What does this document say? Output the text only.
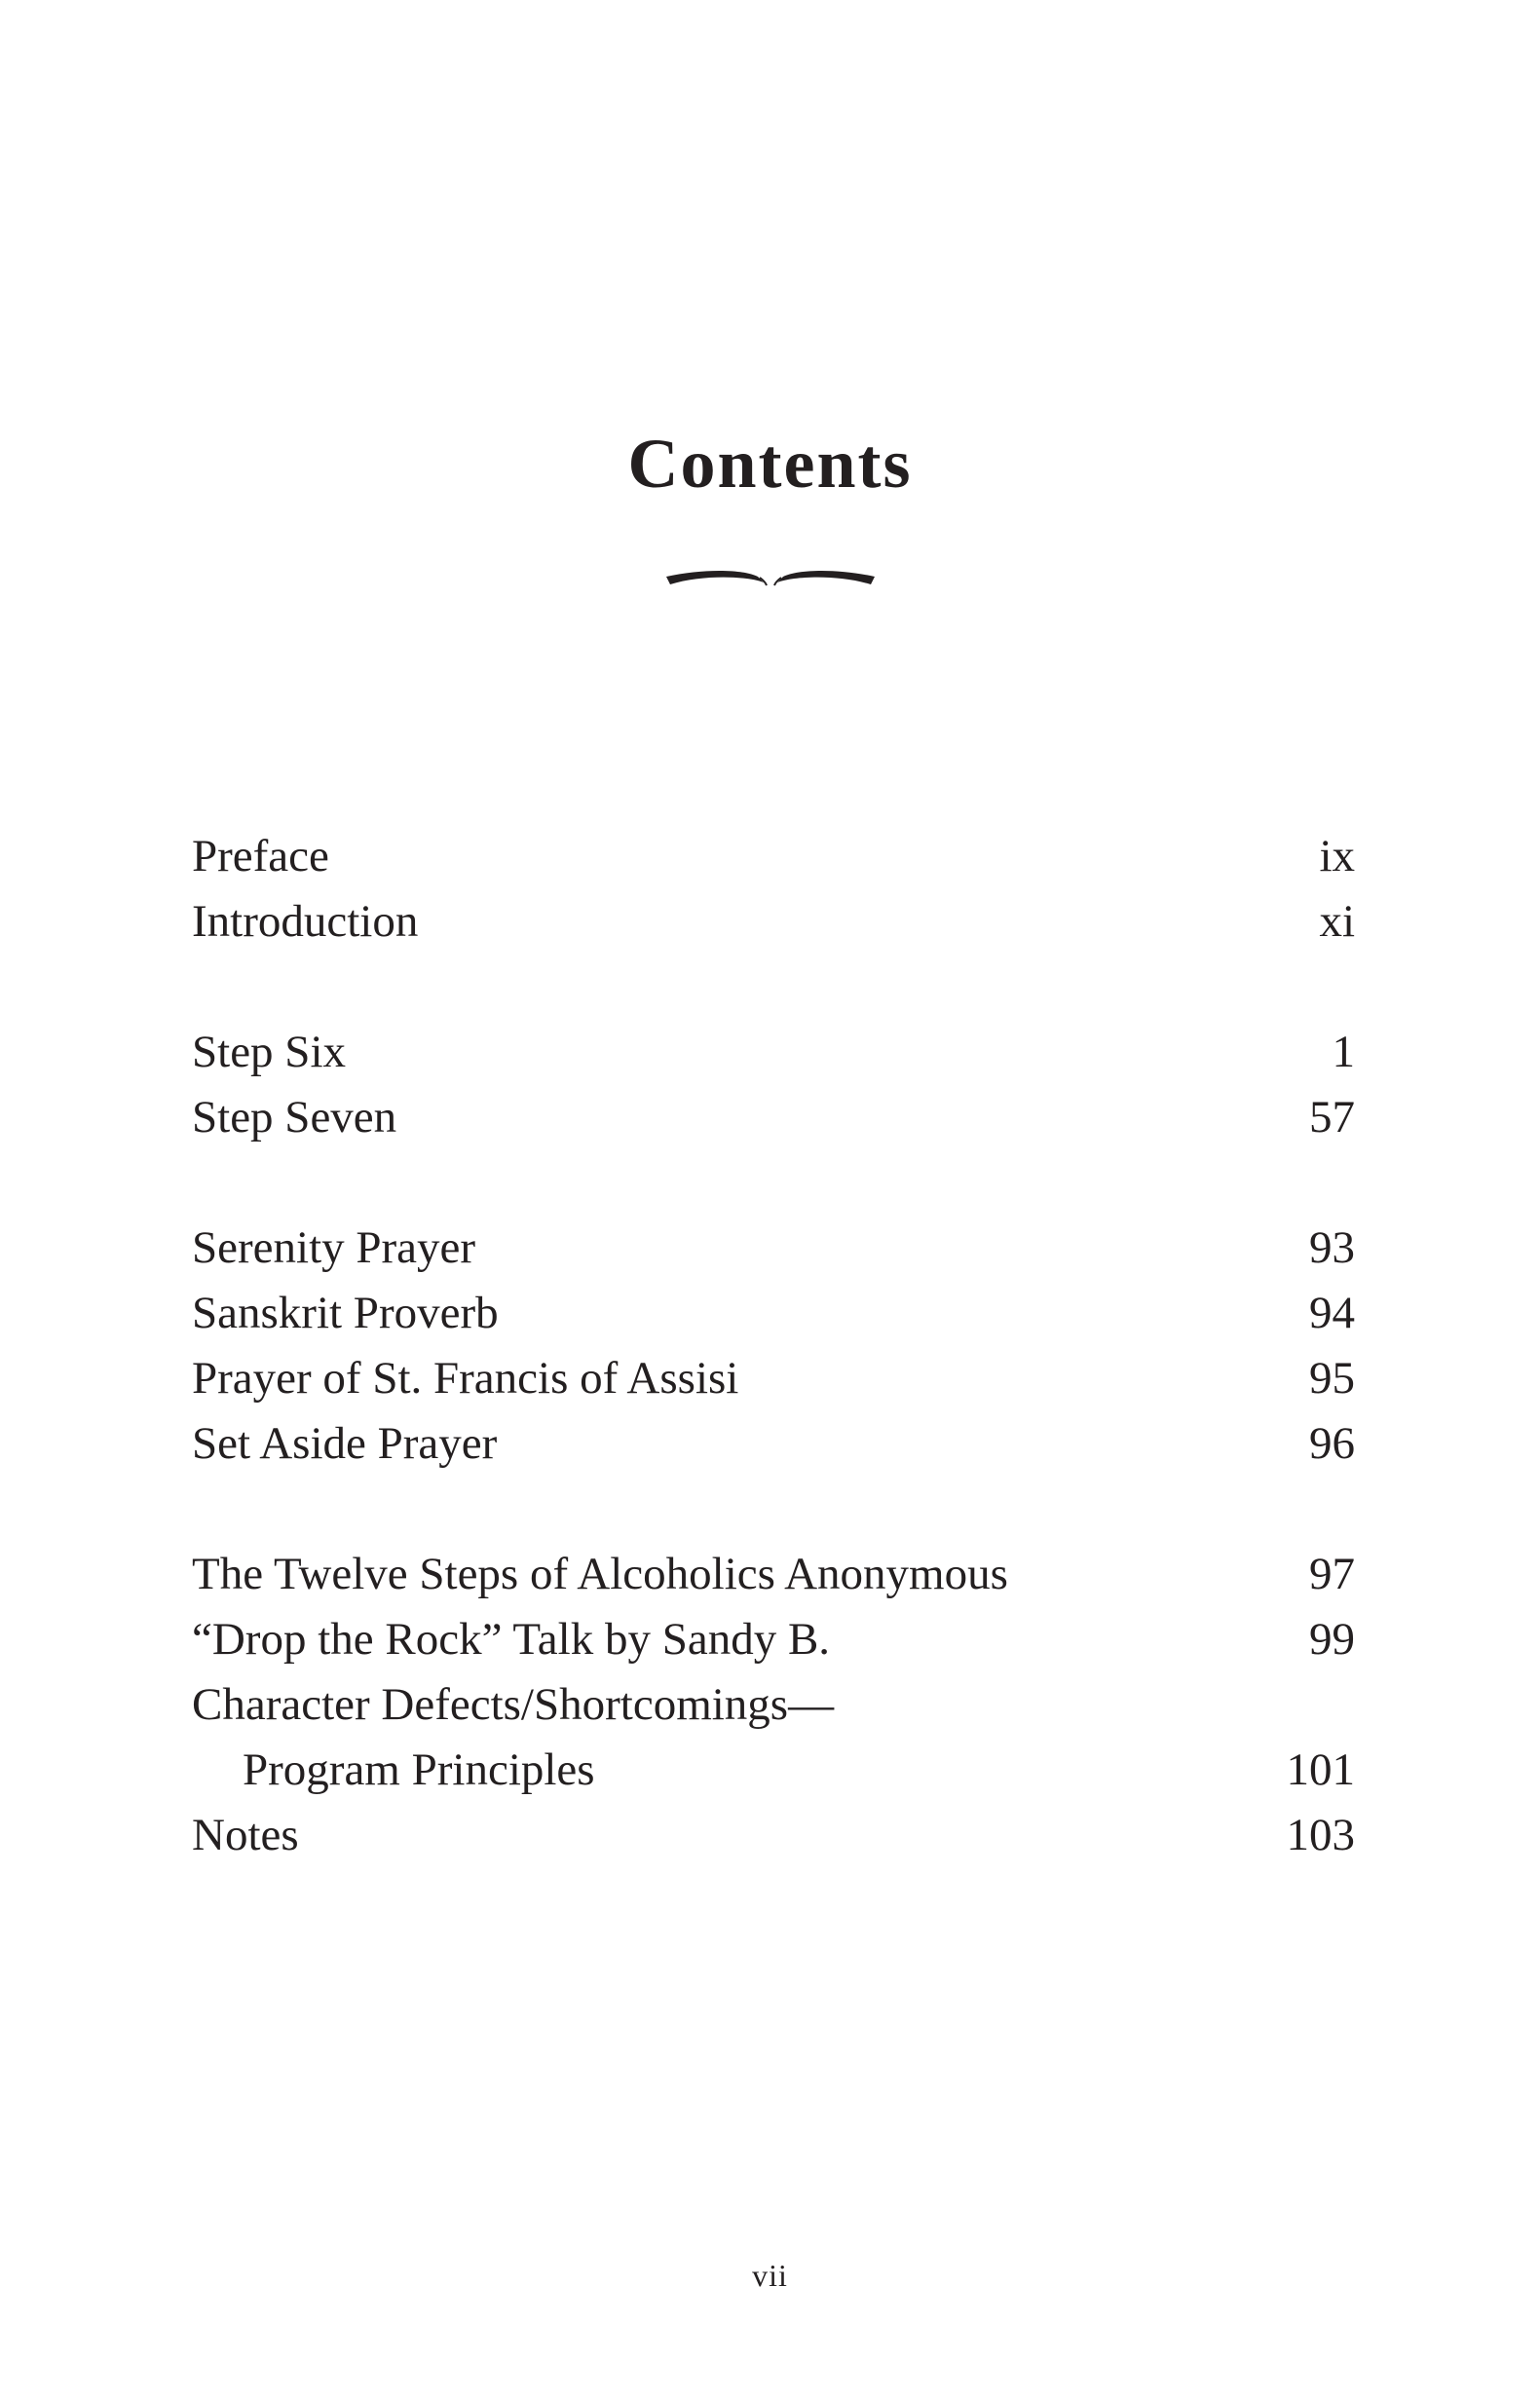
Contents
Preface	ix
Introduction	xi
Step Six	1
Step Seven	57
Serenity Prayer	93
Sanskrit Proverb	94
Prayer of St. Francis of Assisi	95
Set Aside Prayer	96
The Twelve Steps of Alcoholics Anonymous	97
“Drop the Rock” Talk by Sandy B.	99
Character Defects/Shortcomings—
Program Principles	101
Notes	103
vii
